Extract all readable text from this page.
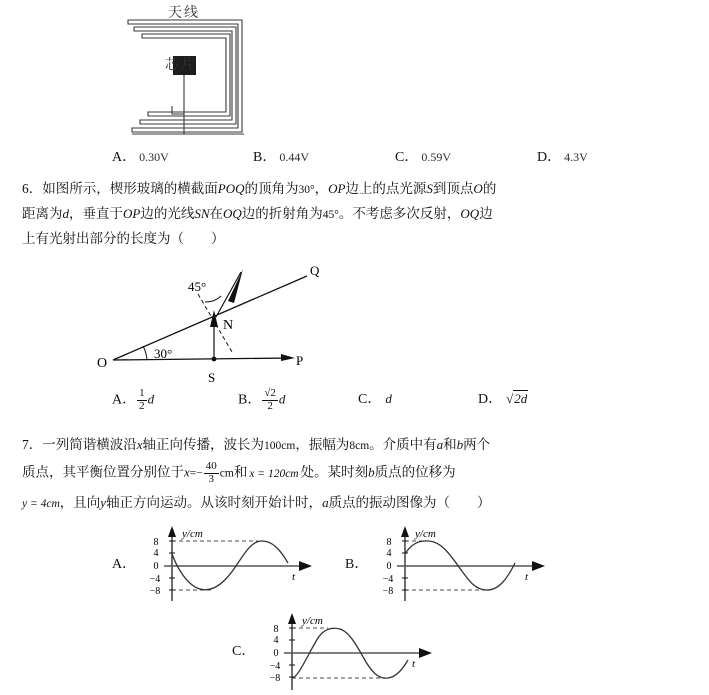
天线
芯片
A． 0.30V	B． 0.44V	C． 0.59V	D． 4.3V
6．如图所示，楔形玻璃的横截面POQ的顶角为30°，OP边上的点光源S到顶点O的
距离为d，垂直于OP边的光线SN在OQ边的折射角为45°。不考虑多次反射，OQ边
上有光射出部分的长度为（　　）
O	P
Q
N
S
30°
45°
A． $\frac{1}{2}$ d	B． $\frac{√2}{2}$ d	C． d	D． √2d
7．一列简谐横波沿x轴正向传播，波长为100cm，振幅为8cm。介质中有a和b两个
质点，其平衡位置分别位于$x=- \frac{40}{3}$ cm和 x = 120cm 处。某时刻b质点的位移为
y = 4cm，且向y轴正方向运动。从该时刻开始计时，a质点的振动图像为（　　）
A．
8
4
0
−4
−8
y/cm
t
B．
8
4
0
−4
−8
y/cm
t
C．
8
4
0
−4
−8
y/cm
t
